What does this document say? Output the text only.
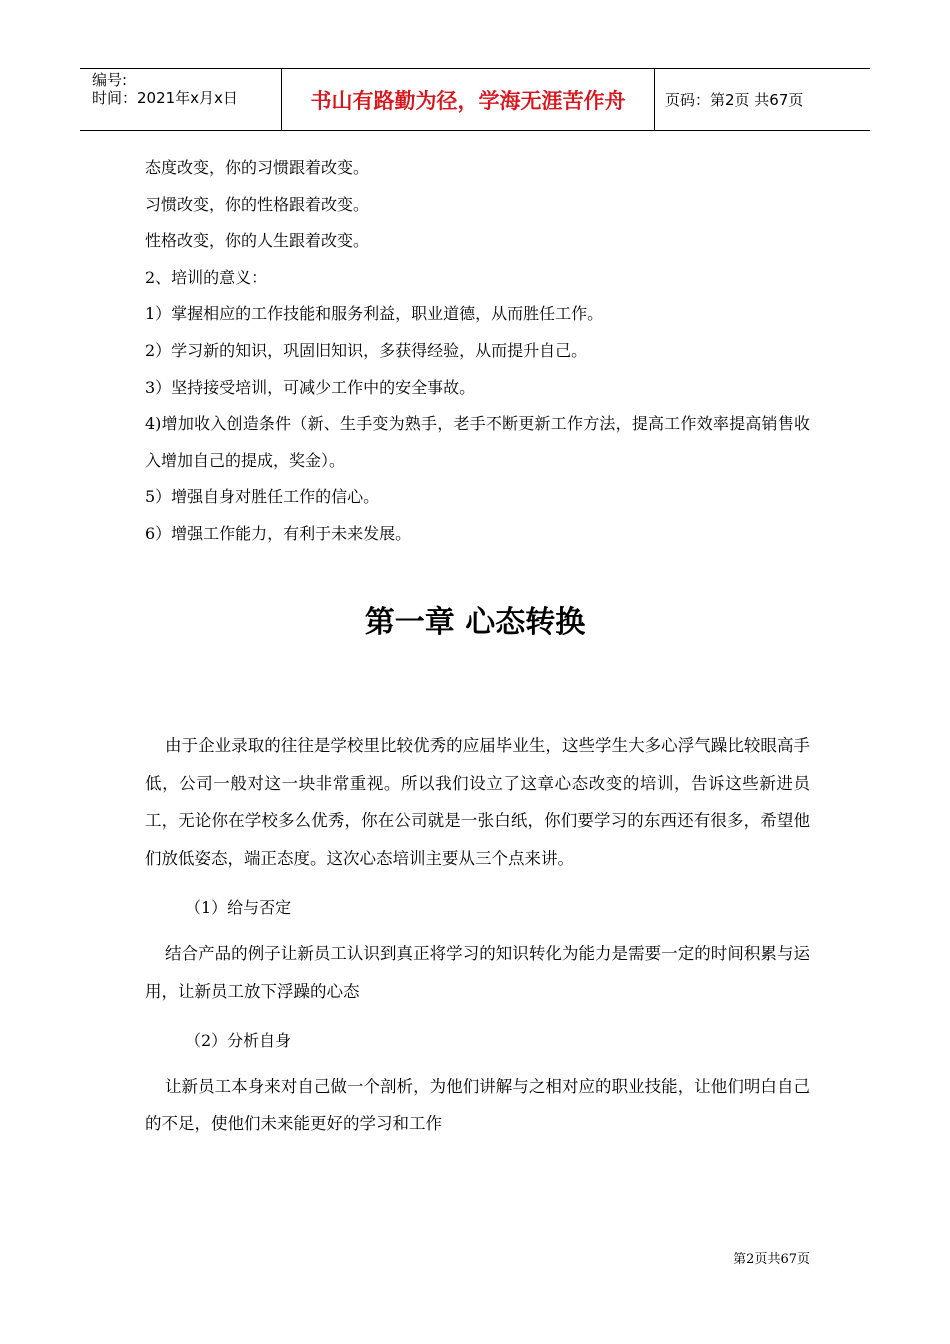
编号:
时间：2021年x月x日	书山有路勤为径，学海无涯苦作舟	页码：第2页 共67页

态度改变，你的习惯跟着改变。

习惯改变，你的性格跟着改变。

性格改变，你的人生跟着改变。

2、培训的意义：

1）掌握相应的工作技能和服务利益，职业道德，从而胜任工作。

2）学习新的知识，巩固旧知识，多获得经验，从而提升自己。

3）坚持接受培训，可减少工作中的安全事故。

4)增加收入创造条件（新、生手变为熟手，老手不断更新工作方法，提高工作效率提高销售收入增加自己的提成，奖金）。

5）增强自身对胜任工作的信心。

6）增强工作能力，有利于未来发展。

第一章 心态转换

由于企业录取的往往是学校里比较优秀的应届毕业生，这些学生大多心浮气躁比较眼高手低，公司一般对这一块非常重视。所以我们设立了这章心态改变的培训，告诉这些新进员工，无论你在学校多么优秀，你在公司就是一张白纸，你们要学习的东西还有很多，希望他们放低姿态，端正态度。这次心态培训主要从三个点来讲。

（1）给与否定

结合产品的例子让新员工认识到真正将学习的知识转化为能力是需要一定的时间积累与运用，让新员工放下浮躁的心态

（2）分析自身

让新员工本身来对自己做一个剖析，为他们讲解与之相对应的职业技能，让他们明白自己的不足，使他们未来能更好的学习和工作

第2页共67页
